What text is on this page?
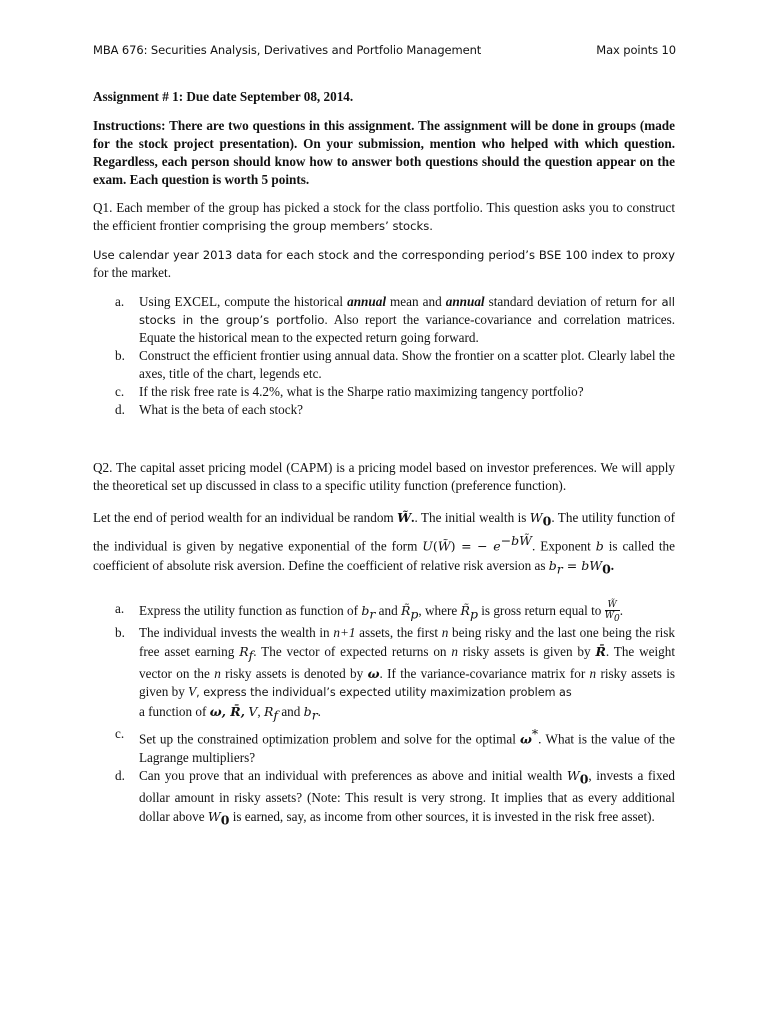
MBA 676: Securities Analysis, Derivatives and Portfolio Management	Max points 10
Assignment # 1: Due date September 08, 2014.
Instructions: There are two questions in this assignment. The assignment will be done in groups (made for the stock project presentation). On your submission, mention who helped with which question. Regardless, each person should know how to answer both questions should the question appear on the exam. Each question is worth 5 points.
Q1. Each member of the group has picked a stock for the class portfolio. This question asks you to construct the efficient frontier comprising the group members’ stocks.
Use calendar year 2013 data for each stock and the corresponding period’s BSE 100 index to proxy for the market.
a. Using EXCEL, compute the historical annual mean and annual standard deviation of return for all stocks in the group’s portfolio. Also report the variance-covariance and correlation matrices. Equate the historical mean to the expected return going forward.
b. Construct the efficient frontier using annual data. Show the frontier on a scatter plot. Clearly label the axes, title of the chart, legends etc.
c. If the risk free rate is 4.2%, what is the Sharpe ratio maximizing tangency portfolio?
d. What is the beta of each stock?
Q2. The capital asset pricing model (CAPM) is a pricing model based on investor preferences. We will apply the theoretical set up discussed in class to a specific utility function (preference function).
Let the end of period wealth for an individual be random W̃.. The initial wealth is $W_0$. The utility function of the individual is given by negative exponential of the form U(W̃) = − $e^{-bW̃}$. Exponent b is called the coefficient of absolute risk aversion. Define the coefficient of relative risk aversion as $b_r = bW_0$.
a. Express the utility function as function of $b_r$ and $R̃_p$, where $R̃_p$ is gross return equal to $\frac{W̃}{W_0}$ .
b. The individual invests the wealth in n+1 assets, the first n being risky and the last one being the risk free asset earning $R_f$. The vector of expected returns on n risky assets is given by R̄. The weight vector on the n risky assets is denoted by ω. If the variance-covariance matrix for n risky assets is given by V, express the individual’s expected utility maximization problem as
a function of ω, R̄, V, $R_f$ and $b_r$.
c. Set up the constrained optimization problem and solve for the optimal ω*. What is the value of the Lagrange multipliers?
d. Can you prove that an individual with preferences as above and initial wealth $W_0$, invests a fixed dollar amount in risky assets? (Note: This result is very strong. It implies that as every additional dollar above $W_0$ is earned, say, as income from other sources, it is invested in the risk free asset).
